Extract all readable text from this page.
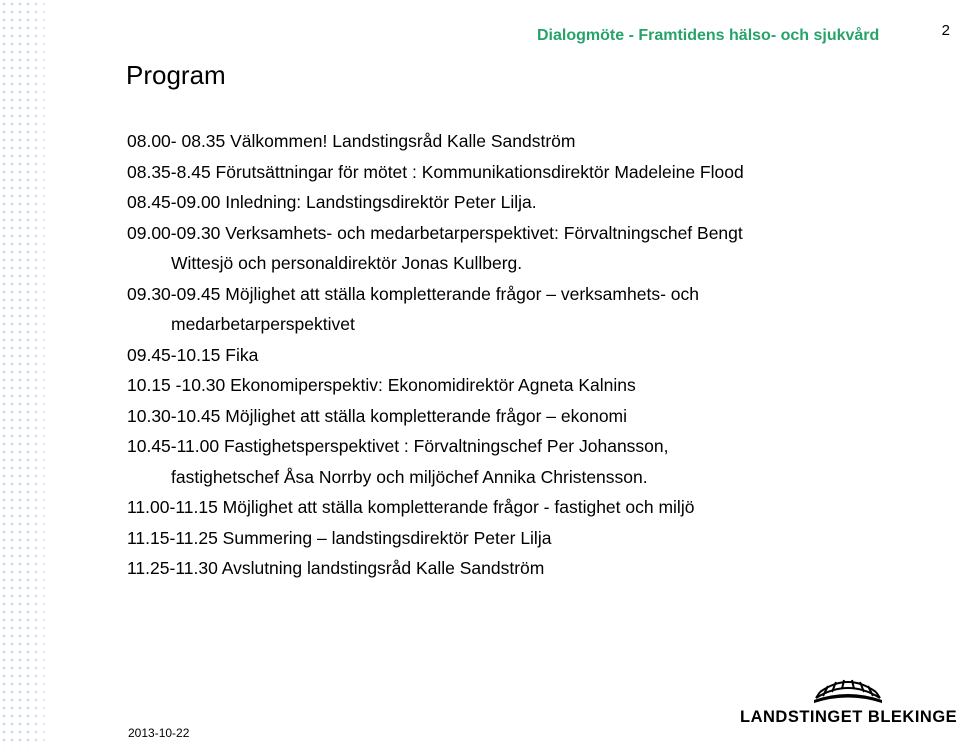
Dialogmöte - Framtidens hälso- och sjukvård	2
Program
08.00- 08.35 Välkommen! Landstingsråd Kalle Sandström
08.35-8.45 Förutsättningar för mötet : Kommunikationsdirektör Madeleine Flood
08.45-09.00 Inledning: Landstingsdirektör Peter Lilja.
09.00-09.30 Verksamhets- och medarbetarperspektivet: Förvaltningschef Bengt
Wittesjö och personaldirektör Jonas Kullberg.
09.30-09.45 Möjlighet att ställa kompletterande frågor – verksamhets- och
medarbetarperspektivet
09.45-10.15 Fika
10.15 -10.30 Ekonomiperspektiv: Ekonomidirektör Agneta Kalnins
10.30-10.45 Möjlighet att ställa kompletterande frågor – ekonomi
10.45-11.00 Fastighetsperspektivet : Förvaltningschef Per Johansson,
fastighetschef Åsa Norrby och miljöchef Annika Christensson.
11.00-11.15 Möjlighet att ställa kompletterande frågor - fastighet och miljö
11.15-11.25 Summering – landstingsdirektör Peter Lilja
11.25-11.30 Avslutning landstingsråd Kalle Sandström
2013-10-22
LANDSTINGET BLEKINGE
